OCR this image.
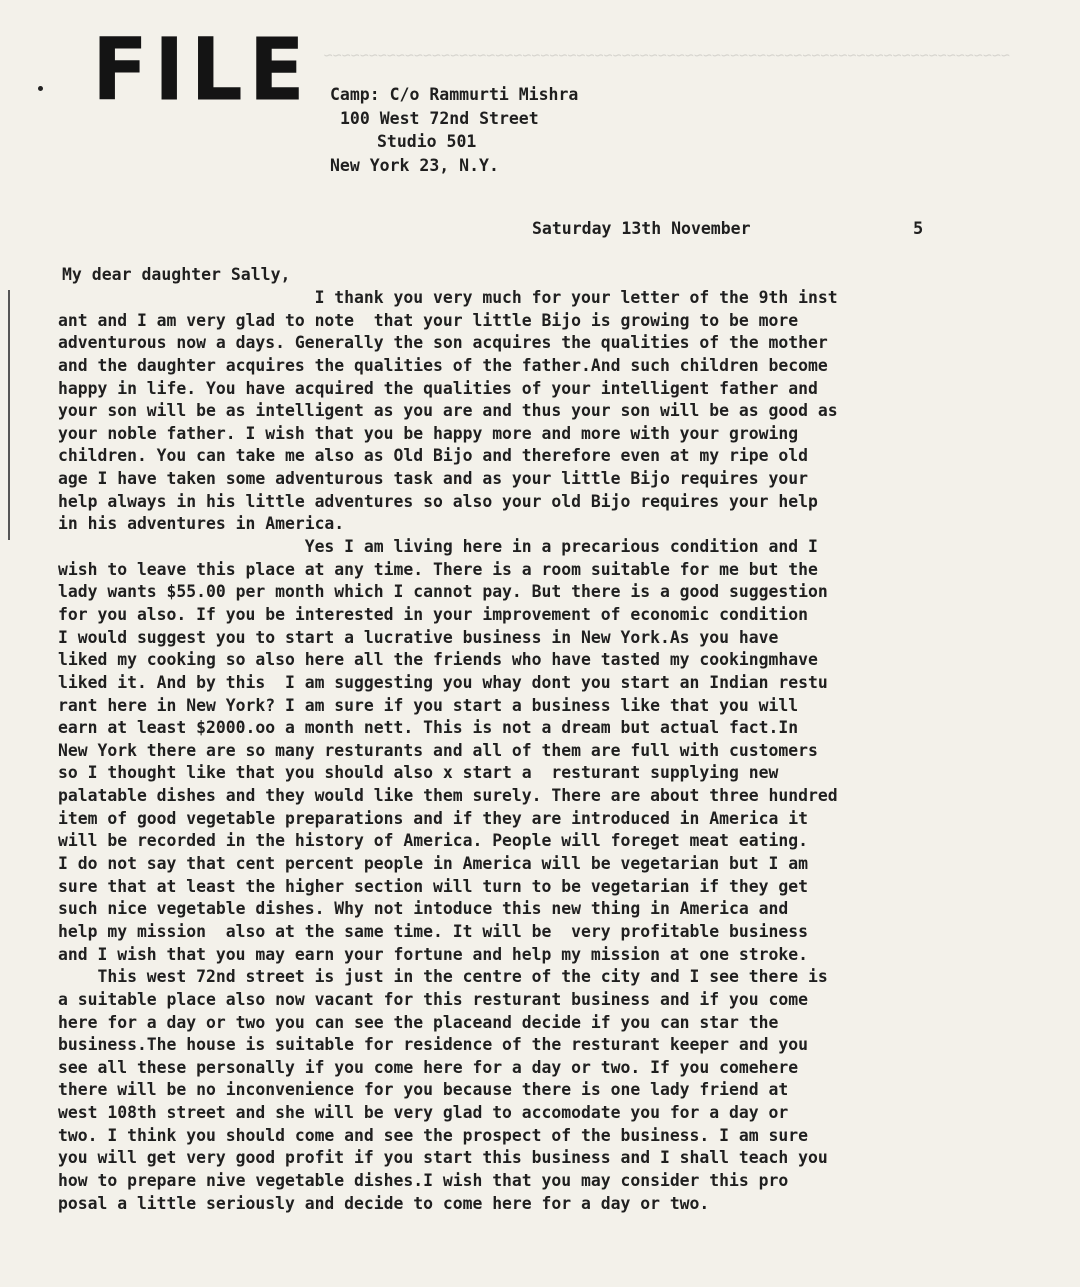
~~~~~~~~~~~~~~~~~~~~~~~~~~~~~~~~~~~~~~~~~~~~~~~~~~~~~~~~~~~~~~~~~~~~~~~~~~~~

FILE Camp: C/o Rammurti Mishra
100 West 72nd Street
Studio 501
New York 23, N.Y.
Saturday 13th November	5
My dear daughter Sally,
I thank you very much for your letter of the 9th inst
ant and I am very glad to note  that your little Bijo is growing to be more
adventurous now a days. Generally the son acquires the qualities of the mother
and the daughter acquires the qualities of the father.And such children become
happy in life. You have acquired the qualities of your intelligent father and
your son will be as intelligent as you are and thus your son will be as good as
your noble father. I wish that you be happy more and more with your growing
children. You can take me also as Old Bijo and therefore even at my ripe old
age I have taken some adventurous task and as your little Bijo requires your
help always in his little adventures so also your old Bijo requires your help
in his adventures in America.
Yes I am living here in a precarious condition and I
wish to leave this place at any time. There is a room suitable for me but the
lady wants $55.00 per month which I cannot pay. But there is a good suggestion
for you also. If you be interested in your improvement of economic condition
I would suggest you to start a lucrative business in New York.As you have
liked my cooking so also here all the friends who have tasted my cookingmhave
liked it. And by this  I am suggesting you whay dont you start an Indian restu
rant here in New York? I am sure if you start a business like that you will
earn at least $2000.oo a month nett. This is not a dream but actual fact.In
New York there are so many resturants and all of them are full with customers
so I thought like that you should also x start a  resturant supplying new
palatable dishes and they would like them surely. There are about three hundred
item of good vegetable preparations and if they are introduced in America it
will be recorded in the history of America. People will foreget meat eating.
I do not say that cent percent people in America will be vegetarian but I am
sure that at least the higher section will turn to be vegetarian if they get
such nice vegetable dishes. Why not intoduce this new thing in America and
help my mission  also at the same time. It will be  very profitable business
and I wish that you may earn your fortune and help my mission at one stroke.
This west 72nd street is just in the centre of the city and I see there is
a suitable place also now vacant for this resturant business and if you come
here for a day or two you can see the placeand decide if you can star the
business.The house is suitable for residence of the resturant keeper and you
see all these personally if you come here for a day or two. If you comehere
there will be no inconvenience for you because there is one lady friend at
west 108th street and she will be very glad to accomodate you for a day or
two. I think you should come and see the prospect of the business. I am sure
you will get very good profit if you start this business and I shall teach you
how to prepare nive vegetable dishes.I wish that you may consider this pro
posal a little seriously and decide to come here for a day or two.
